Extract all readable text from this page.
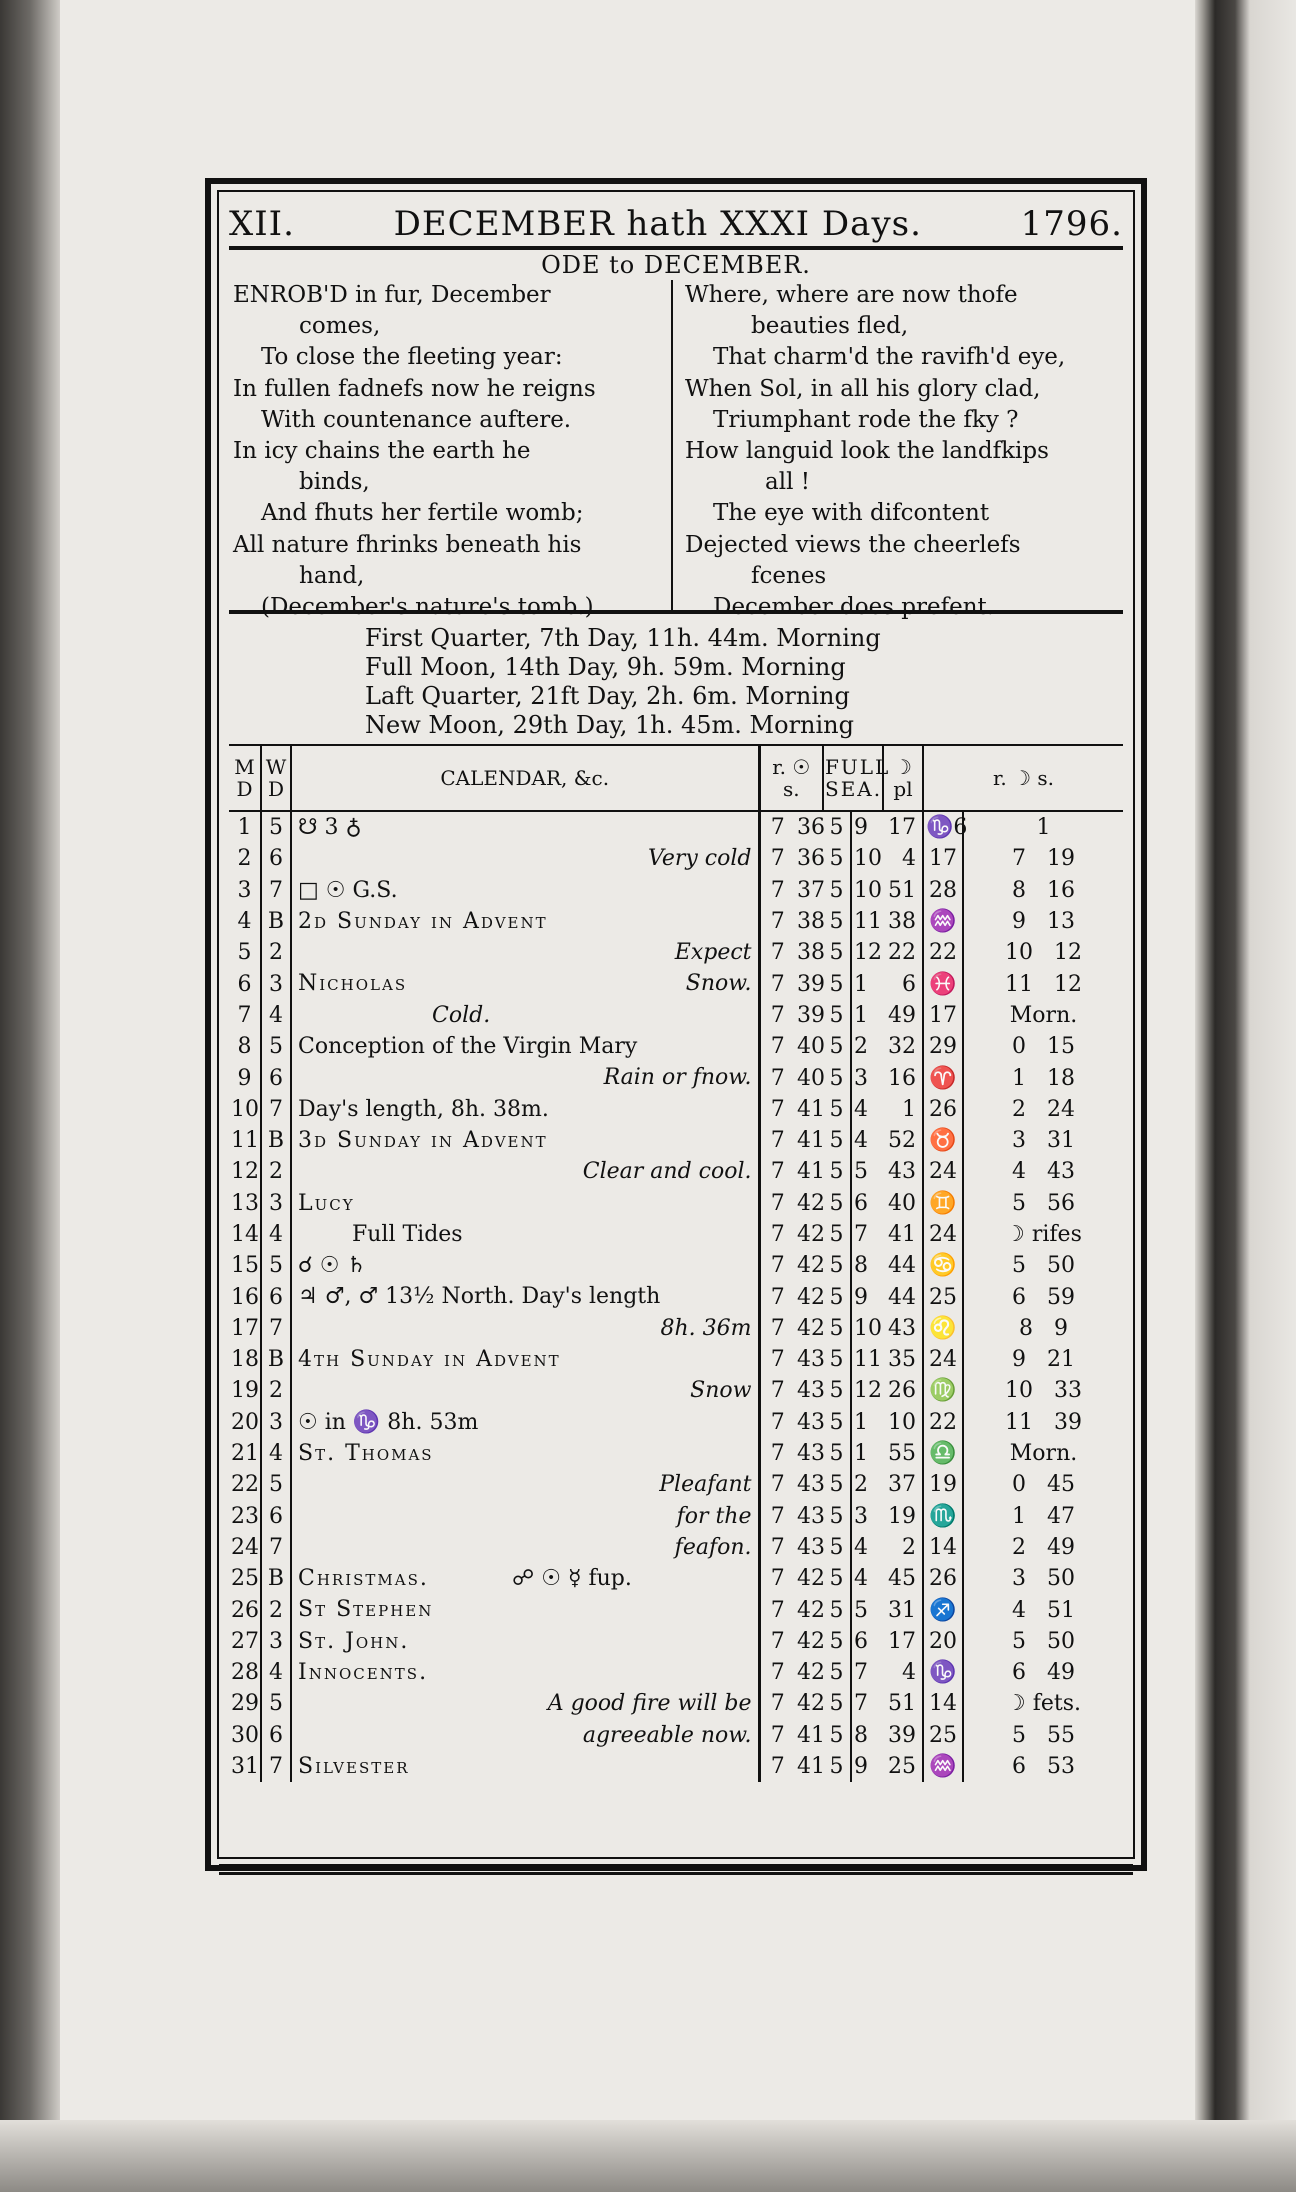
XII.	DECEMBER hath XXXI Days.	1796.
ODE to DECEMBER.
ENROB'D in fur, December
comes,
To close the fleeting year:
In fullen fadnefs now he reigns
With countenance auftere.
In icy chains the earth he
binds,
And fhuts her fertile womb;
All nature fhrinks beneath his
hand,
(December's nature's tomb.)
Where, where are now thofe
beauties fled,
That charm'd the ravifh'd eye,
When Sol, in all his glory clad,
Triumphant rode the fky ?
How languid look the landfkips
all !
The eye with difcontent
Dejected views the cheerlefs
fcenes
December does prefent.
First Quarter, 7th Day, 11h. 44m. Morning
Full Moon, 14th Day, 9h. 59m. Morning
Laft Quarter, 21ft Day, 2h. 6m. Morning
New Moon, 29th Day, 1h. 45m. Morning
M D	W D	CALENDAR, &c.	r. ☉ s.		FULL SEA.		☽ pl	r. ☽ s.	
1	5	☋ 3 ♁	7	36	5	9	17	♑6	1
2	6	Very cold	7	36	5	10	4	17	7   19
3	7	□ ☉ G.S.	7	37	5	10	51	28	8   16
4	B	2d Sunday in Advent	7	38	5	11	38	♒	9   13
5	2	Expect	7	38	5	12	22	22	10   12
6	3	Nicholas Snow.	7	39	5	1	6	♓	11   12
7	4	Cold.	7	39	5	1	49	17	Morn.
8	5	Conception of the Virgin Mary	7	40	5	2	32	29	0   15
9	6	Rain or fnow.	7	40	5	3	16	♈	1   18
10	7	Day's length, 8h. 38m.	7	41	5	4	1	26	2   24
11	B	3d Sunday in Advent	7	41	5	4	52	♉	3   31
12	2	Clear and cool.	7	41	5	5	43	24	4   43
13	3	Lucy	7	42	5	6	40	♊	5   56
14	4	Full Tides	7	42	5	7	41	24	☽ rifes
15	5	☌ ☉ ♄	7	42	5	8	44	♋	5   50
16	6	♃ ♂, ♂ 13½ North. Day's length	7	42	5	9	44	25	6   59
17	7	8h. 36m	7	42	5	10	43	♌	8   9
18	B	4th Sunday in Advent	7	43	5	11	35	24	9   21
19	2	Snow	7	43	5	12	26	♍	10   33
20	3	☉ in ♑ 8h. 53m	7	43	5	1	10	22	11   39
21	4	St. Thomas	7	43	5	1	55	♎	Morn.
22	5	Pleafant	7	43	5	2	37	19	0   45
23	6	for the	7	43	5	3	19	♏	1   47
24	7	feafon.	7	43	5	4	2	14	2   49
25	B	Christmas. ☍ ☉ ☿ fup.	7	42	5	4	45	26	3   50
26	2	St Stephen	7	42	5	5	31	♐	4   51
27	3	St. John.	7	42	5	6	17	20	5   50
28	4	Innocents.	7	42	5	7	4	♑	6   49
29	5	A good fire will be	7	42	5	7	51	14	☽ fets.
30	6	agreeable now.	7	41	5	8	39	25	5   55
31	7	Silvester	7	41	5	9	25	♒	6   53
